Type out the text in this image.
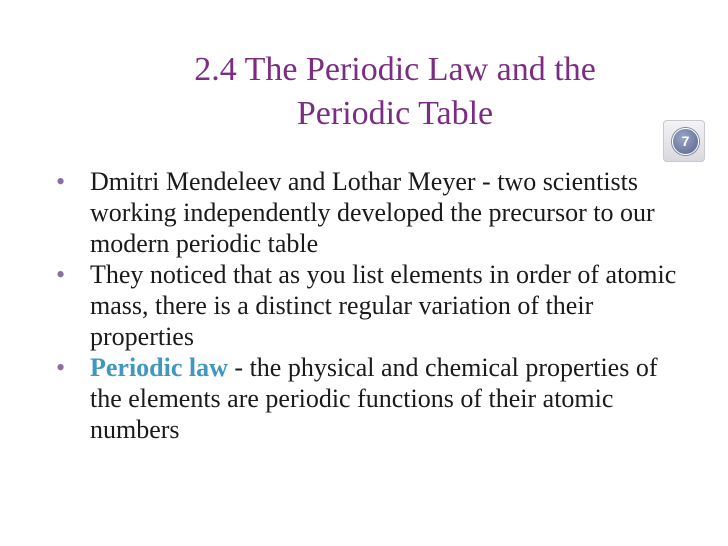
2.4 The Periodic Law and the
Periodic Table
7
• Dmitri Mendeleev and Lothar Meyer - two scientists working independently developed the precursor to our modern periodic table
• They noticed that as you list elements in order of atomic mass, there is a distinct regular variation of their properties
• Periodic law - the physical and chemical properties of the elements are periodic functions of their atomic numbers
